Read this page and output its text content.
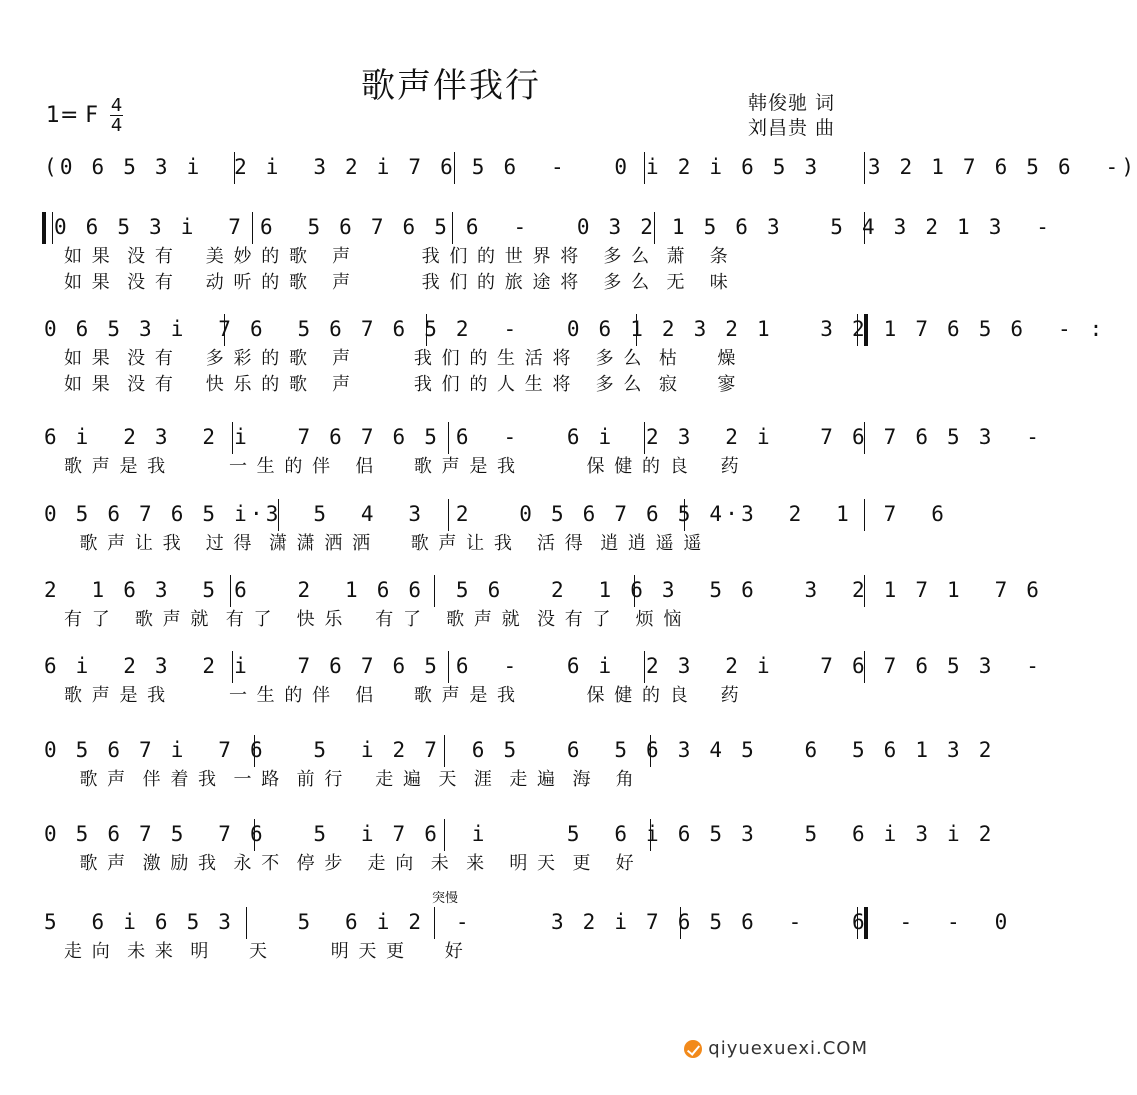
歌声伴我行
1= F 4
4
韩俊驰 词
刘昌贵 曲
突慢
(0 6 5 3 i  2 i  3 2 i 7 6 5 6  -   0 i 2 i 6 5 3   3 2 1 7 6 5 6  -)
0 6 5 3 i  7 6  5 6 7 6 5 6  -   0 3 2 1 5 6 3   5 4 3 2 1 3  -
如 果  没 有    美 妙 的 歌   声         我 们 的 世 界 将   多 么  萧   条
如 果  没 有    动 听 的 歌   声         我 们 的 旅 途 将   多 么  无   味
0 6 5 3 i  7 6  5 6 7 6 5 2  -   0 6 1 2 3 2 1   3 2 1 7 6 5 6  - :
如 果  没 有    多 彩 的 歌   声        我 们 的 生 活 将   多 么  枯     燥
如 果  没 有    快 乐 的 歌   声        我 们 的 人 生 将   多 么  寂     寥
6 i  2 3  2 i   7 6 7 6 5 6  -   6 i  2 3  2 i   7 6 7 6 5 3  -
歌 声 是 我        一 生 的 伴   侣     歌 声 是 我         保 健 的 良    药
0 5 6 7 6 5 i·3  5  4  3  2   0 5 6 7 6 5 4·3  2  1  7  6
歌 声 让 我   过 得  潇 潇 洒 洒     歌 声 让 我   活 得  逍 逍 遥 遥
2  1 6 3  5 6   2  1 6 6  5 6   2  1 6 3  5 6   3  2 1 7 1  7 6
有 了   歌 声 就  有 了   快 乐    有 了   歌 声 就  没 有 了   烦 恼
6 i  2 3  2 i   7 6 7 6 5 6  -   6 i  2 3  2 i   7 6 7 6 5 3  -
歌 声 是 我        一 生 的 伴   侣     歌 声 是 我         保 健 的 良    药
0 5 6 7 i  7 6   5  i 2 7  6 5   6  5 6 3 4 5   6  5 6 1 3 2
歌 声  伴 着 我  一 路  前 行    走 遍  天  涯  走 遍  海   角
0 5 6 7 5  7 6   5  i 7 6  i     5  6 i 6 5 3   5  6 i 3 i 2
歌 声  激 励 我  永 不  停 步   走 向  未  来   明 天  更   好
5  6 i 6 5 3    5  6 i 2  -     3 2 i 7 6 5 6  -   6  -  -  0
走 向  未 来  明     天        明 天 更     好
qiyuexuexi.COM
